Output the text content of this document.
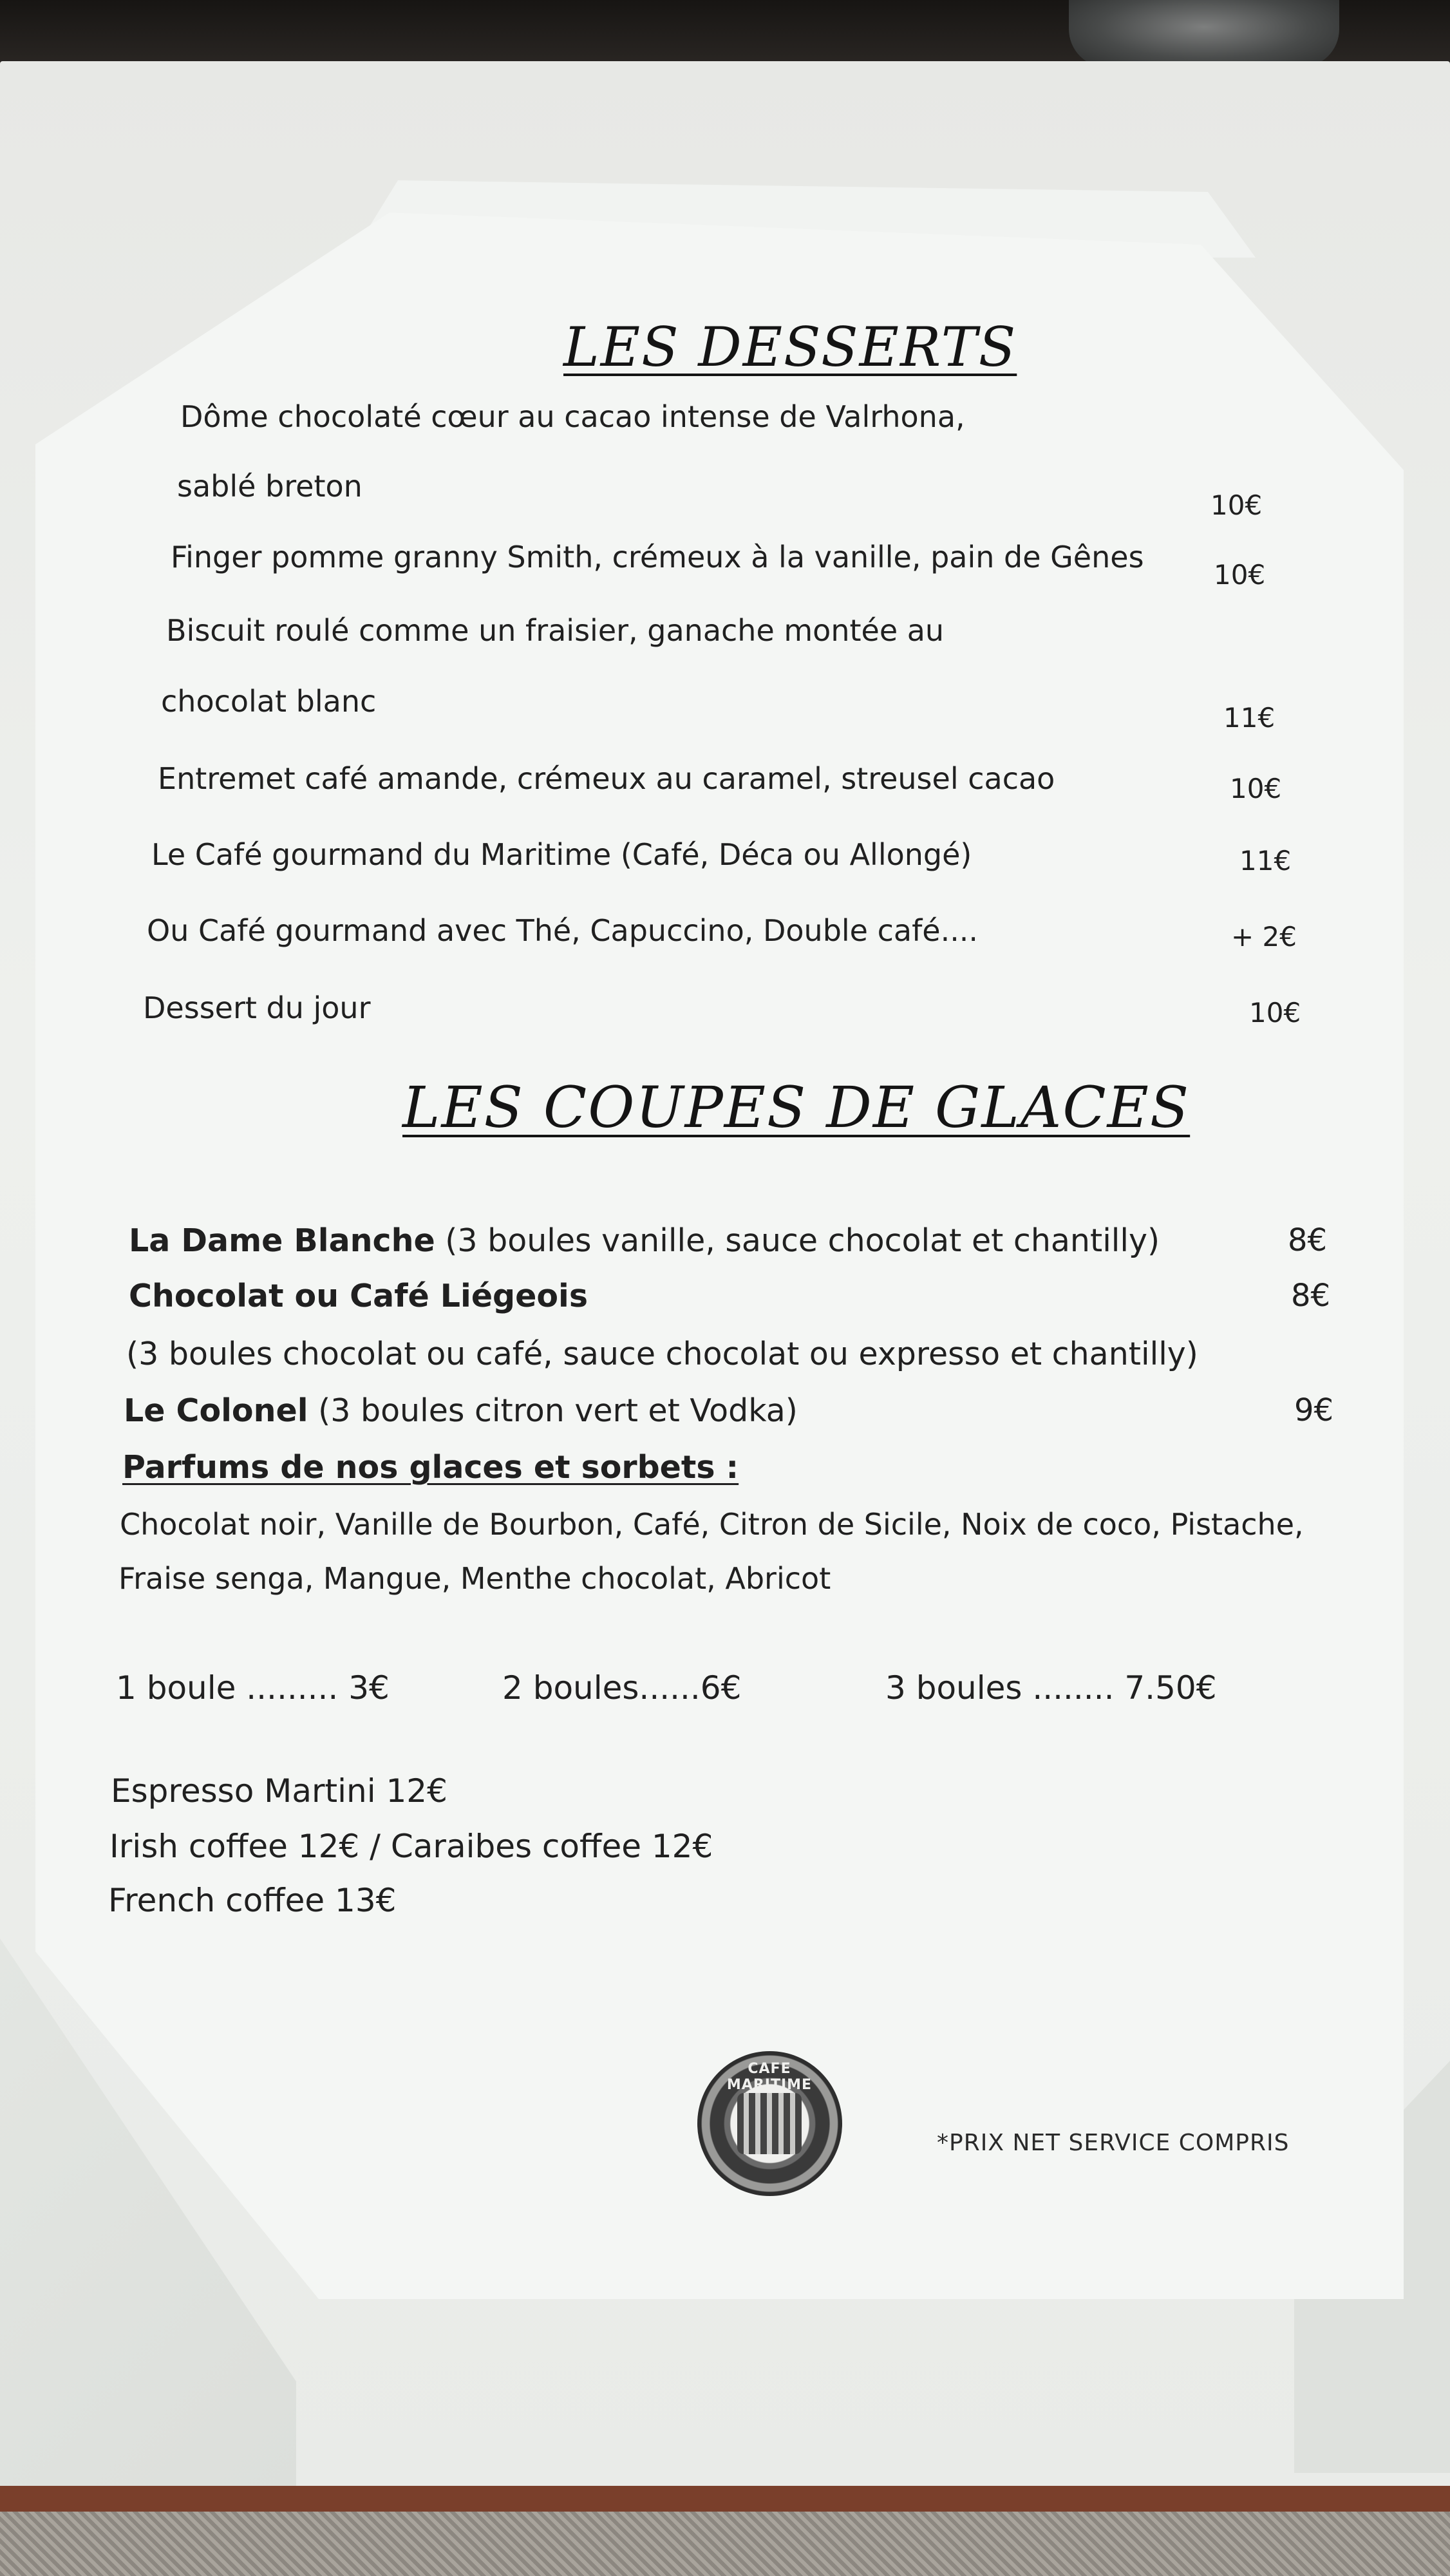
LES DESSERTS
Dôme chocolaté cœur au cacao intense de Valrhona,
sablé breton
10€
Finger pomme granny Smith, crémeux à la vanille, pain de Gênes
10€
Biscuit roulé comme un fraisier, ganache montée au
chocolat blanc	11€
Entremet café amande, crémeux au caramel, streusel cacao	10€
Le Café gourmand du Maritime (Café, Déca ou Allongé)	11€
Ou Café gourmand avec Thé, Capuccino, Double café....	+ 2€
Dessert du jour	10€
LES COUPES DE GLACES
La Dame Blanche (3 boules vanille, sauce chocolat et chantilly)	8€
Chocolat ou Café Liégeois	8€
(3 boules chocolat ou café, sauce chocolat ou expresso et chantilly)
Le Colonel (3 boules citron vert et Vodka)	9€
Parfums de nos glaces et sorbets :
Chocolat noir, Vanille de Bourbon, Café, Citron de Sicile, Noix de coco, Pistache,
Fraise senga, Mangue, Menthe chocolat, Abricot
1 boule ......... 3€	2 boules......6€	3 boules ........ 7.50€
Espresso Martini 12€
Irish coffee 12€ / Caraibes coffee 12€
French coffee 13€
CAFE MARITIME
*PRIX NET SERVICE COMPRIS
